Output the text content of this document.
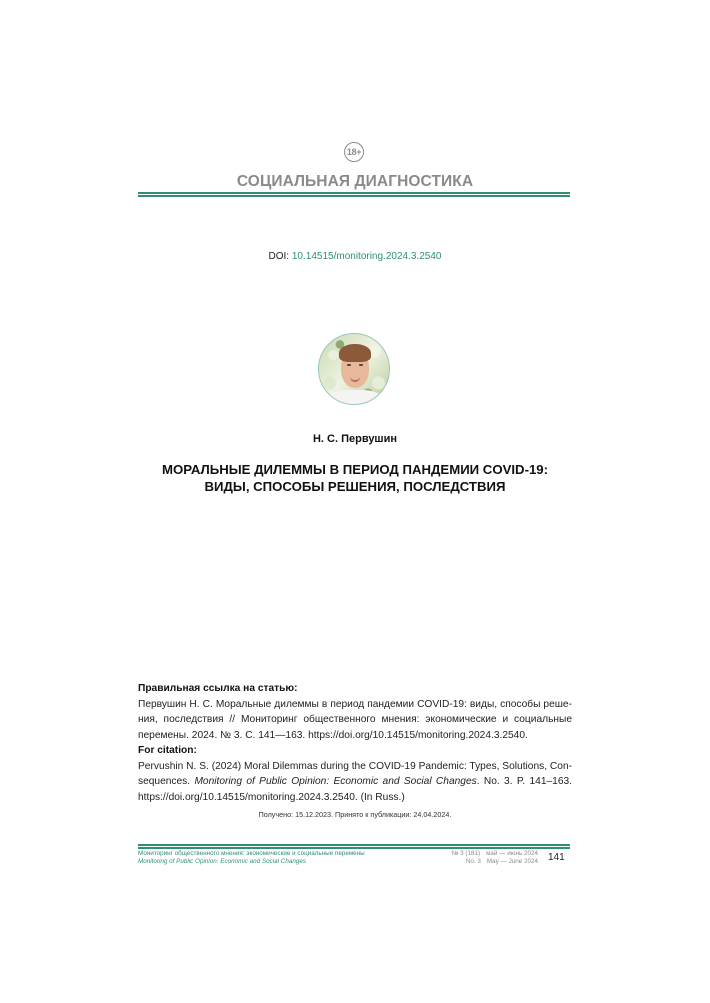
18+
СОЦИАЛЬНАЯ ДИАГНОСТИКА
DOI: 10.14515/monitoring.2024.3.2540
Н. С. Первушин
МОРАЛЬНЫЕ ДИЛЕММЫ В ПЕРИОД ПАНДЕМИИ COVID-19:
ВИДЫ, СПОСОБЫ РЕШЕНИЯ, ПОСЛЕДСТВИЯ
Правильная ссылка на статью:
Первушин Н. С. Моральные дилеммы в период пандемии COVID-19: виды, способы реше-ния, последствия // Мониторинг общественного мнения: экономические и социальные перемены. 2024. № 3. С. 141—163. https://doi.org/10.14515/monitoring.2024.3.2540.
For citation:
Pervushin N. S. (2024) Moral Dilemmas during the COVID-19 Pandemic: Types, Solutions, Con-sequences. Monitoring of Public Opinion: Economic and Social Changes. No. 3. P. 141–163. https://doi.org/10.14515/monitoring.2024.3.2540. (In Russ.)
Получено: 15.12.2023. Принято к публикации: 24.04.2024.
Мониторинг общественного мнения: экономические и социальные перемены
Monitoring of Public Opinion: Economic and Social Changes
№ 3 (181) май — июнь 2024
No. 3 May — June 2024 141
